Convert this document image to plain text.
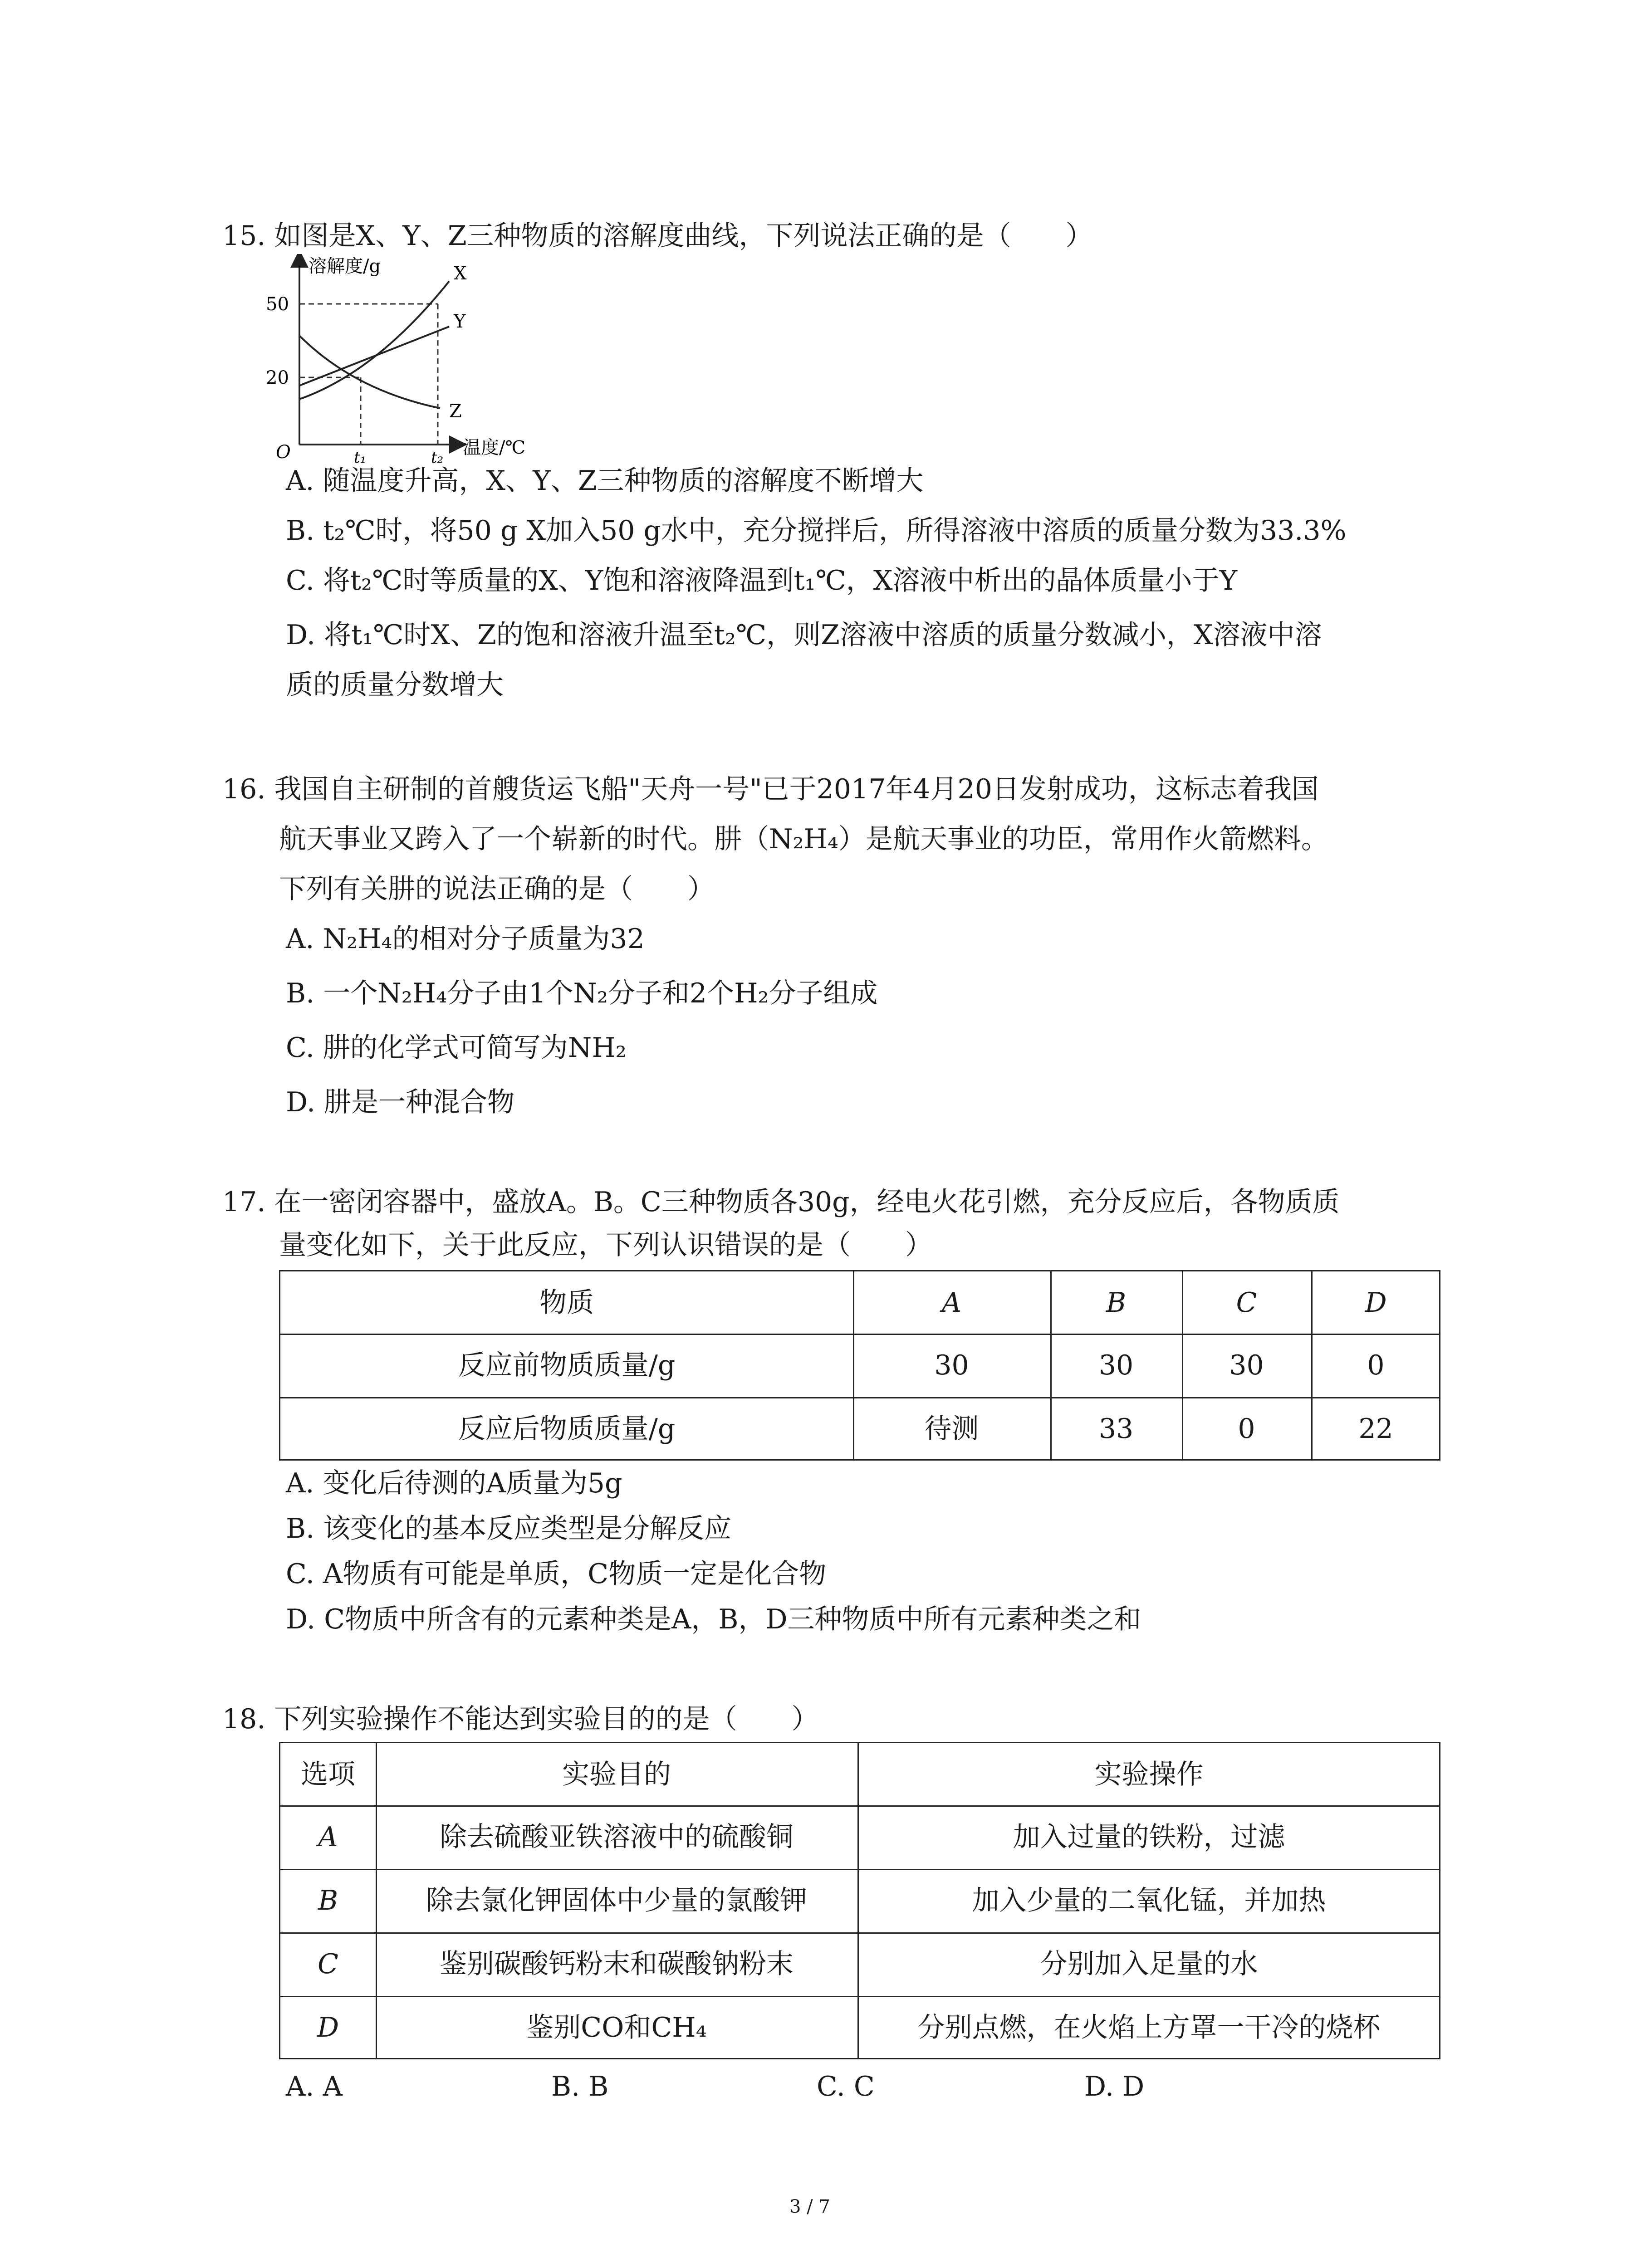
15. 如图是X、Y、Z三种物质的溶解度曲线，下列说法正确的是（　　）
溶解度/g
温度/℃
O
50
20
t₁	t₂
X
Y
Z
A. 随温度升高，X、Y、Z三种物质的溶解度不断增大
B. t₂℃时，将50 g X加入50 g水中，充分搅拌后，所得溶液中溶质的质量分数为33.3%
C. 将t₂℃时等质量的X、Y饱和溶液降温到t₁℃，X溶液中析出的晶体质量小于Y
D. 将t₁℃时X、Z的饱和溶液升温至t₂℃，则Z溶液中溶质的质量分数减小，X溶液中溶
质的质量分数增大
16. 我国自主研制的首艘货运飞船"天舟一号"已于2017年4月20日发射成功，这标志着我国
航天事业又跨入了一个崭新的时代。肼（N₂H₄）是航天事业的功臣，常用作火箭燃料。
下列有关肼的说法正确的是（　　）
A. N₂H₄的相对分子质量为32
B. 一个N₂H₄分子由1个N₂分子和2个H₂分子组成
C. 肼的化学式可简写为NH₂
D. 肼是一种混合物
17. 在一密闭容器中，盛放A。B。C三种物质各30g，经电火花引燃，充分反应后，各物质质
量变化如下，关于此反应，下列认识错误的是（　　）
物质	A	B	C	D
反应前物质质量/g	30	30	30	0
反应后物质质量/g	待测	33	0	22
A. 变化后待测的A质量为5g
B. 该变化的基本反应类型是分解反应
C. A物质有可能是单质，C物质一定是化合物
D. C物质中所含有的元素种类是A，B，D三种物质中所有元素种类之和
18. 下列实验操作不能达到实验目的的是（　　）
选项	实验目的	实验操作
A	除去硫酸亚铁溶液中的硫酸铜	加入过量的铁粉，过滤
B	除去氯化钾固体中少量的氯酸钾	加入少量的二氧化锰，并加热
C	鉴别碳酸钙粉末和碳酸钠粉末	分别加入足量的水
D	鉴别CO和CH₄	分别点燃，在火焰上方罩一干冷的烧杯
A. A	B. B	C. C	D. D
3 / 7
